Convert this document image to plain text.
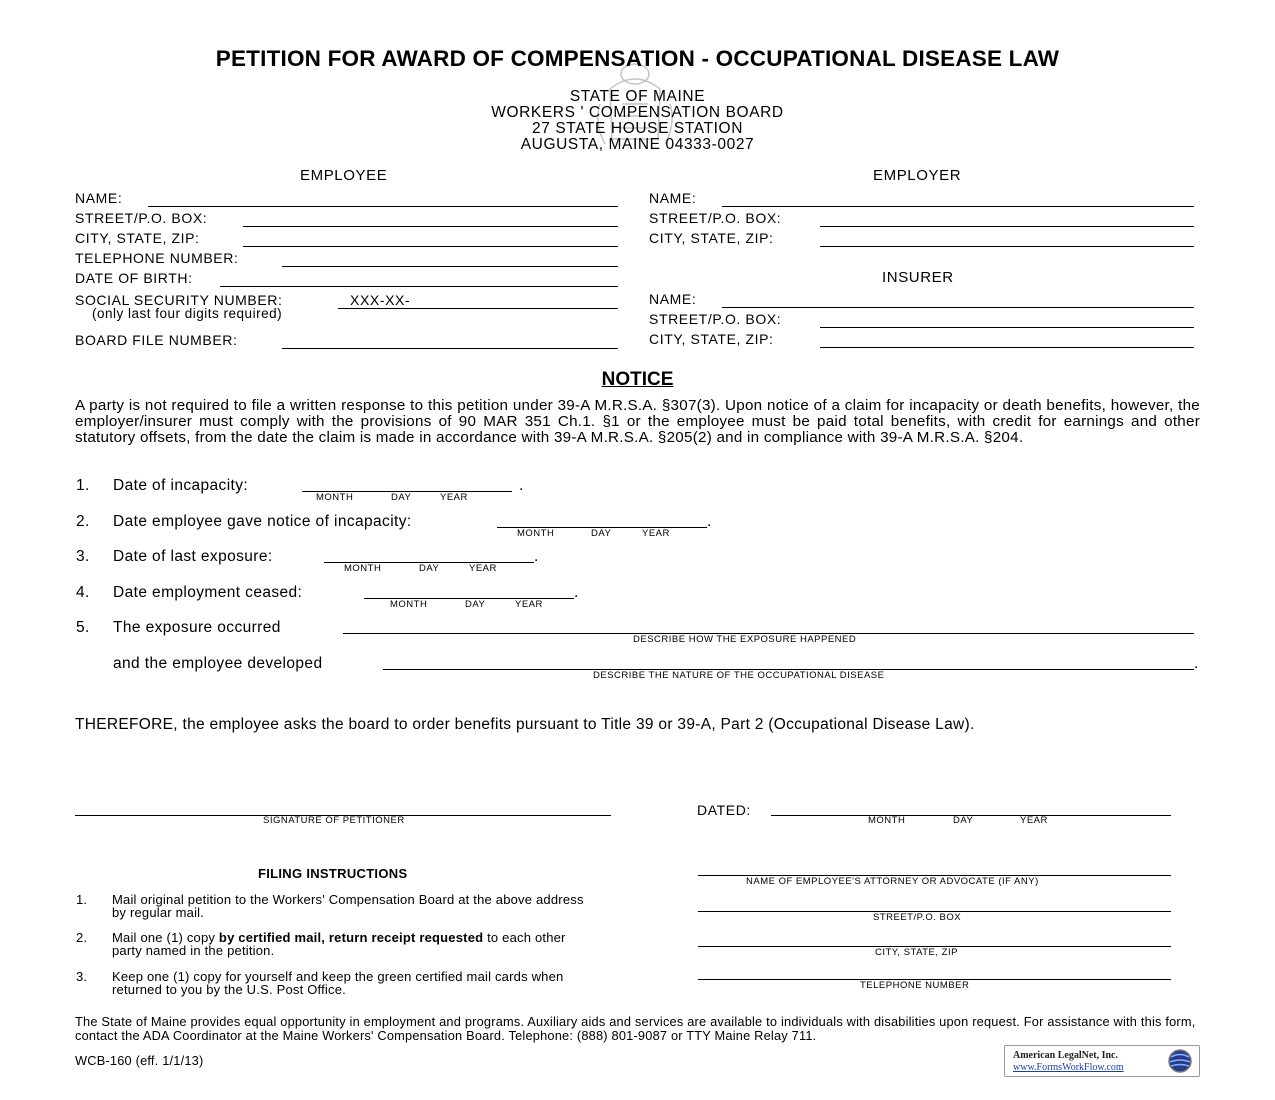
PETITION FOR AWARD OF COMPENSATION - OCCUPATIONAL DISEASE LAW
STATE OF MAINE
WORKERS ' COMPENSATION BOARD
27 STATE HOUSE STATION
AUGUSTA, MAINE 04333-0027
EMPLOYEE
NAME:
STREET/P.O. BOX:
CITY, STATE, ZIP:
TELEPHONE NUMBER:
DATE OF BIRTH:
SOCIAL SECURITY NUMBER:	XXX-XX-
(only last four digits required)
BOARD FILE NUMBER:
EMPLOYER
NAME:
STREET/P.O. BOX:
CITY, STATE, ZIP:
INSURER
NAME:
STREET/P.O. BOX:
CITY, STATE, ZIP:
NOTICE
A party is not required to file a written response to this petition under 39-A M.R.S.A. §307(3). Upon notice of a claim for incapacity or death benefits, however, the employer/insurer must comply with the provisions of 90 MAR 351 Ch.1. §1 or the employee must be paid total benefits, with credit for earnings and other statutory offsets, from the date the claim is made in accordance with 39-A M.R.S.A. §205(2) and in compliance with 39-A M.R.S.A. §204.
1. Date of incapacity:	.
MONTH	DAY	YEAR
2. Date employee gave notice of incapacity:	.
MONTH	DAY	YEAR
3. Date of last exposure:	.
MONTH	DAY	YEAR
4. Date employment ceased:	.
MONTH	DAY	YEAR
5. The exposure occurred
DESCRIBE HOW THE EXPOSURE HAPPENED
and the employee developed	.
DESCRIBE THE NATURE OF THE OCCUPATIONAL DISEASE
THEREFORE, the employee asks the board to order benefits pursuant to Title 39 or 39-A, Part 2 (Occupational Disease Law).
SIGNATURE OF PETITIONER
DATED:
MONTH	DAY	YEAR
FILING INSTRUCTIONS
1. Mail original petition to the Workers' Compensation Board at the above address by regular mail.
2. Mail one (1) copy by certified mail, return receipt requested to each other party named in the petition.
3. Keep one (1) copy for yourself and keep the green certified mail cards when returned to you by the U.S. Post Office.
NAME OF EMPLOYEE'S ATTORNEY OR ADVOCATE (IF ANY)
STREET/P.O. BOX
CITY, STATE, ZIP
TELEPHONE NUMBER
The State of Maine provides equal opportunity in employment and programs. Auxiliary aids and services are available to individuals with disabilities upon request. For assistance with this form, contact the ADA Coordinator at the Maine Workers' Compensation Board. Telephone: (888) 801-9087 or TTY Maine Relay 711.
WCB-160 (eff. 1/1/13)	American LegalNet, Inc.
www.FormsWorkFlow.com
